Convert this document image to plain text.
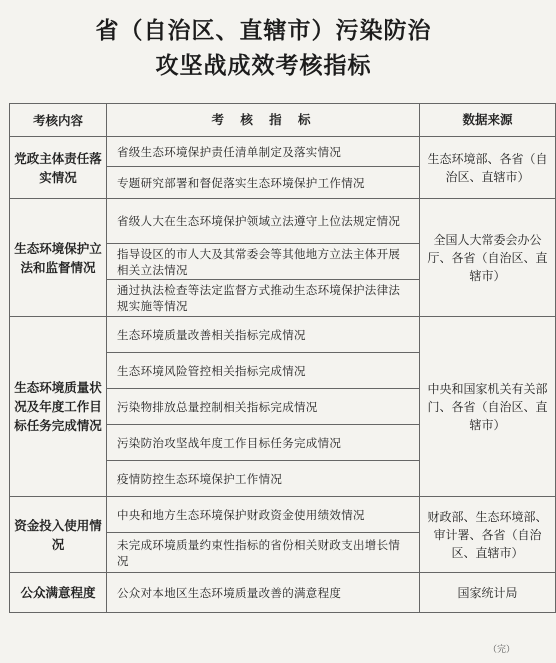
省（自治区、直辖市）污染防治
攻坚战成效考核指标
考核内容	考 核 指 标	数据来源
党政主体责任落实情况	省级生态环境保护责任清单制定及落实情况	生态环境部、各省（自治区、直辖市）
	专题研究部署和督促落实生态环境保护工作情况	
生态环境保护立法和监督情况	省级人大在生态环境保护领域立法遵守上位法规定情况	全国人大常委会办公厅、各省（自治区、直辖市）
	指导设区的市人大及其常委会等其他地方立法主体开展相关立法情况	
	通过执法检查等法定监督方式推动生态环境保护法律法规实施等情况	
生态环境质量状况及年度工作目标任务完成情况	生态环境质量改善相关指标完成情况	中央和国家机关有关部门、各省（自治区、直辖市）
	生态环境风险管控相关指标完成情况	
	污染物排放总量控制相关指标完成情况	
	污染防治攻坚战年度工作目标任务完成情况	
	疫情防控生态环境保护工作情况	
资金投入使用情况	中央和地方生态环境保护财政资金使用绩效情况	财政部、生态环境部、审计署、各省（自治区、直辖市）
	未完成环境质量约束性指标的省份相关财政支出增长情况	
公众满意程度	公众对本地区生态环境质量改善的满意程度	国家统计局
（完）
